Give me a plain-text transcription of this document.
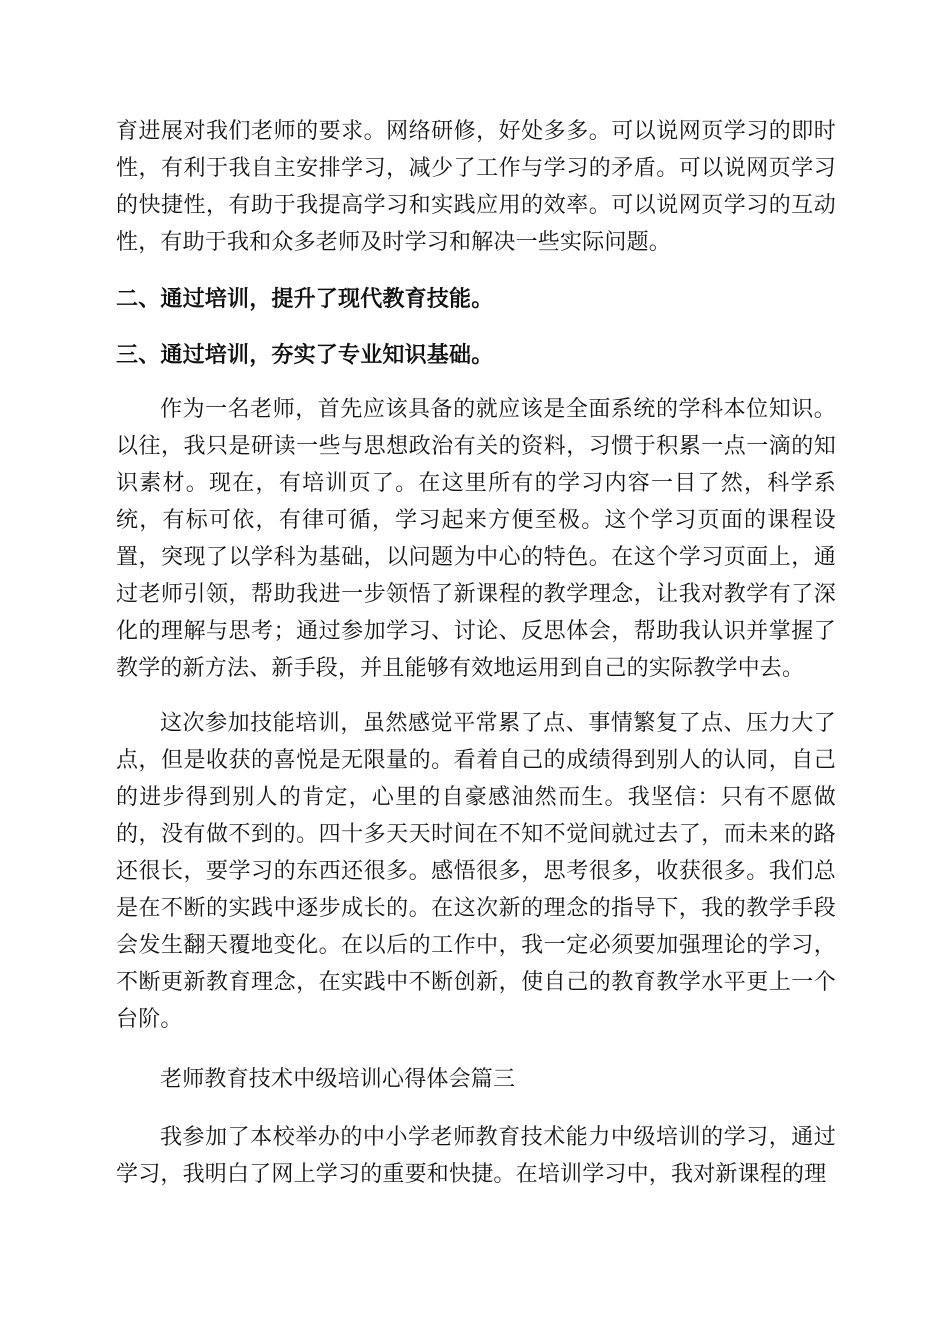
育进展对我们老师的要求。网络研修，好处多多。可以说网页学习的即时性，有利于我自主安排学习，减少了工作与学习的矛盾。可以说网页学习的快捷性，有助于我提高学习和实践应用的效率。可以说网页学习的互动性，有助于我和众多老师及时学习和解决一些实际问题。

二、通过培训，提升了现代教育技能。

三、通过培训，夯实了专业知识基础。

作为一名老师，首先应该具备的就应该是全面系统的学科本位知识。以往，我只是研读一些与思想政治有关的资料，习惯于积累一点一滴的知识素材。现在，有培训页了。在这里所有的学习内容一目了然，科学系统，有标可依，有律可循，学习起来方便至极。这个学习页面的课程设置，突现了以学科为基础，以问题为中心的特色。在这个学习页面上，通过老师引领，帮助我进一步领悟了新课程的教学理念，让我对教学有了深化的理解与思考；通过参加学习、讨论、反思体会，帮助我认识并掌握了教学的新方法、新手段，并且能够有效地运用到自己的实际教学中去。

这次参加技能培训，虽然感觉平常累了点、事情繁复了点、压力大了点，但是收获的喜悦是无限量的。看着自己的成绩得到别人的认同，自己的进步得到别人的肯定，心里的自豪感油然而生。我坚信：只有不愿做的，没有做不到的。四十多天天时间在不知不觉间就过去了，而未来的路还很长，要学习的东西还很多。感悟很多，思考很多，收获很多。我们总是在不断的实践中逐步成长的。在这次新的理念的指导下，我的教学手段会发生翻天覆地变化。在以后的工作中，我一定必须要加强理论的学习，不断更新教育理念，在实践中不断创新，使自己的教育教学水平更上一个台阶。

老师教育技术中级培训心得体会篇三

我参加了本校举办的中小学老师教育技术能力中级培训的学习，通过学习，我明白了网上学习的重要和快捷。在培训学习中，我对新课程的理
